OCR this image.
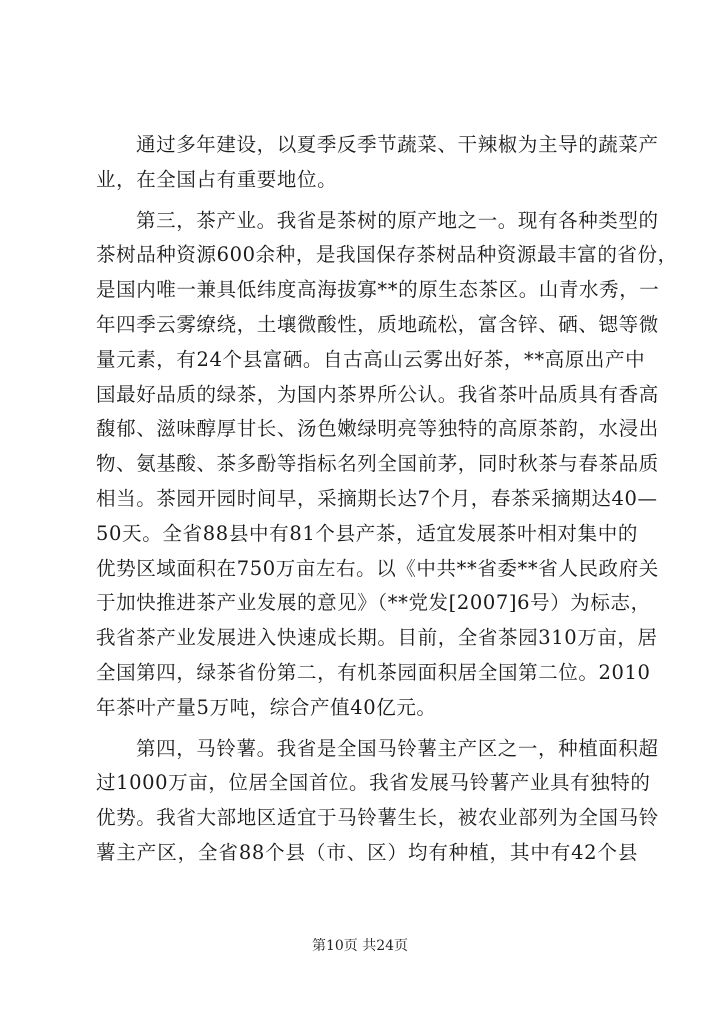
通过多年建设，以夏季反季节蔬菜、干辣椒为主导的蔬菜产
业，在全国占有重要地位。
第三，茶产业。我省是茶树的原产地之一。现有各种类型的
茶树品种资源600余种，是我国保存茶树品种资源最丰富的省份，
是国内唯一兼具低纬度高海拔寡**的原生态茶区。山青水秀，一
年四季云雾缭绕，土壤微酸性，质地疏松，富含锌、硒、锶等微
量元素，有24个县富硒。自古高山云雾出好茶，**高原出产中
国最好品质的绿茶，为国内茶界所公认。我省茶叶品质具有香高
馥郁、滋味醇厚甘长、汤色嫩绿明亮等独特的高原茶韵，水浸出
物、氨基酸、茶多酚等指标名列全国前茅，同时秋茶与春茶品质
相当。茶园开园时间早，采摘期长达7个月，春茶采摘期达40—
50天。全省88县中有81个县产茶，适宜发展茶叶相对集中的
优势区域面积在750万亩左右。以《中共**省委**省人民政府关
于加快推进茶产业发展的意见》（**党发[2007]6号）为标志，
我省茶产业发展进入快速成长期。目前，全省茶园310万亩，居
全国第四，绿茶省份第二，有机茶园面积居全国第二位。2010
年茶叶产量5万吨，综合产值40亿元。
第四，马铃薯。我省是全国马铃薯主产区之一，种植面积超
过1000万亩，位居全国首位。我省发展马铃薯产业具有独特的
优势。我省大部地区适宜于马铃薯生长，被农业部列为全国马铃
薯主产区，全省88个县（市、区）均有种植，其中有42个县
第10页 共24页
